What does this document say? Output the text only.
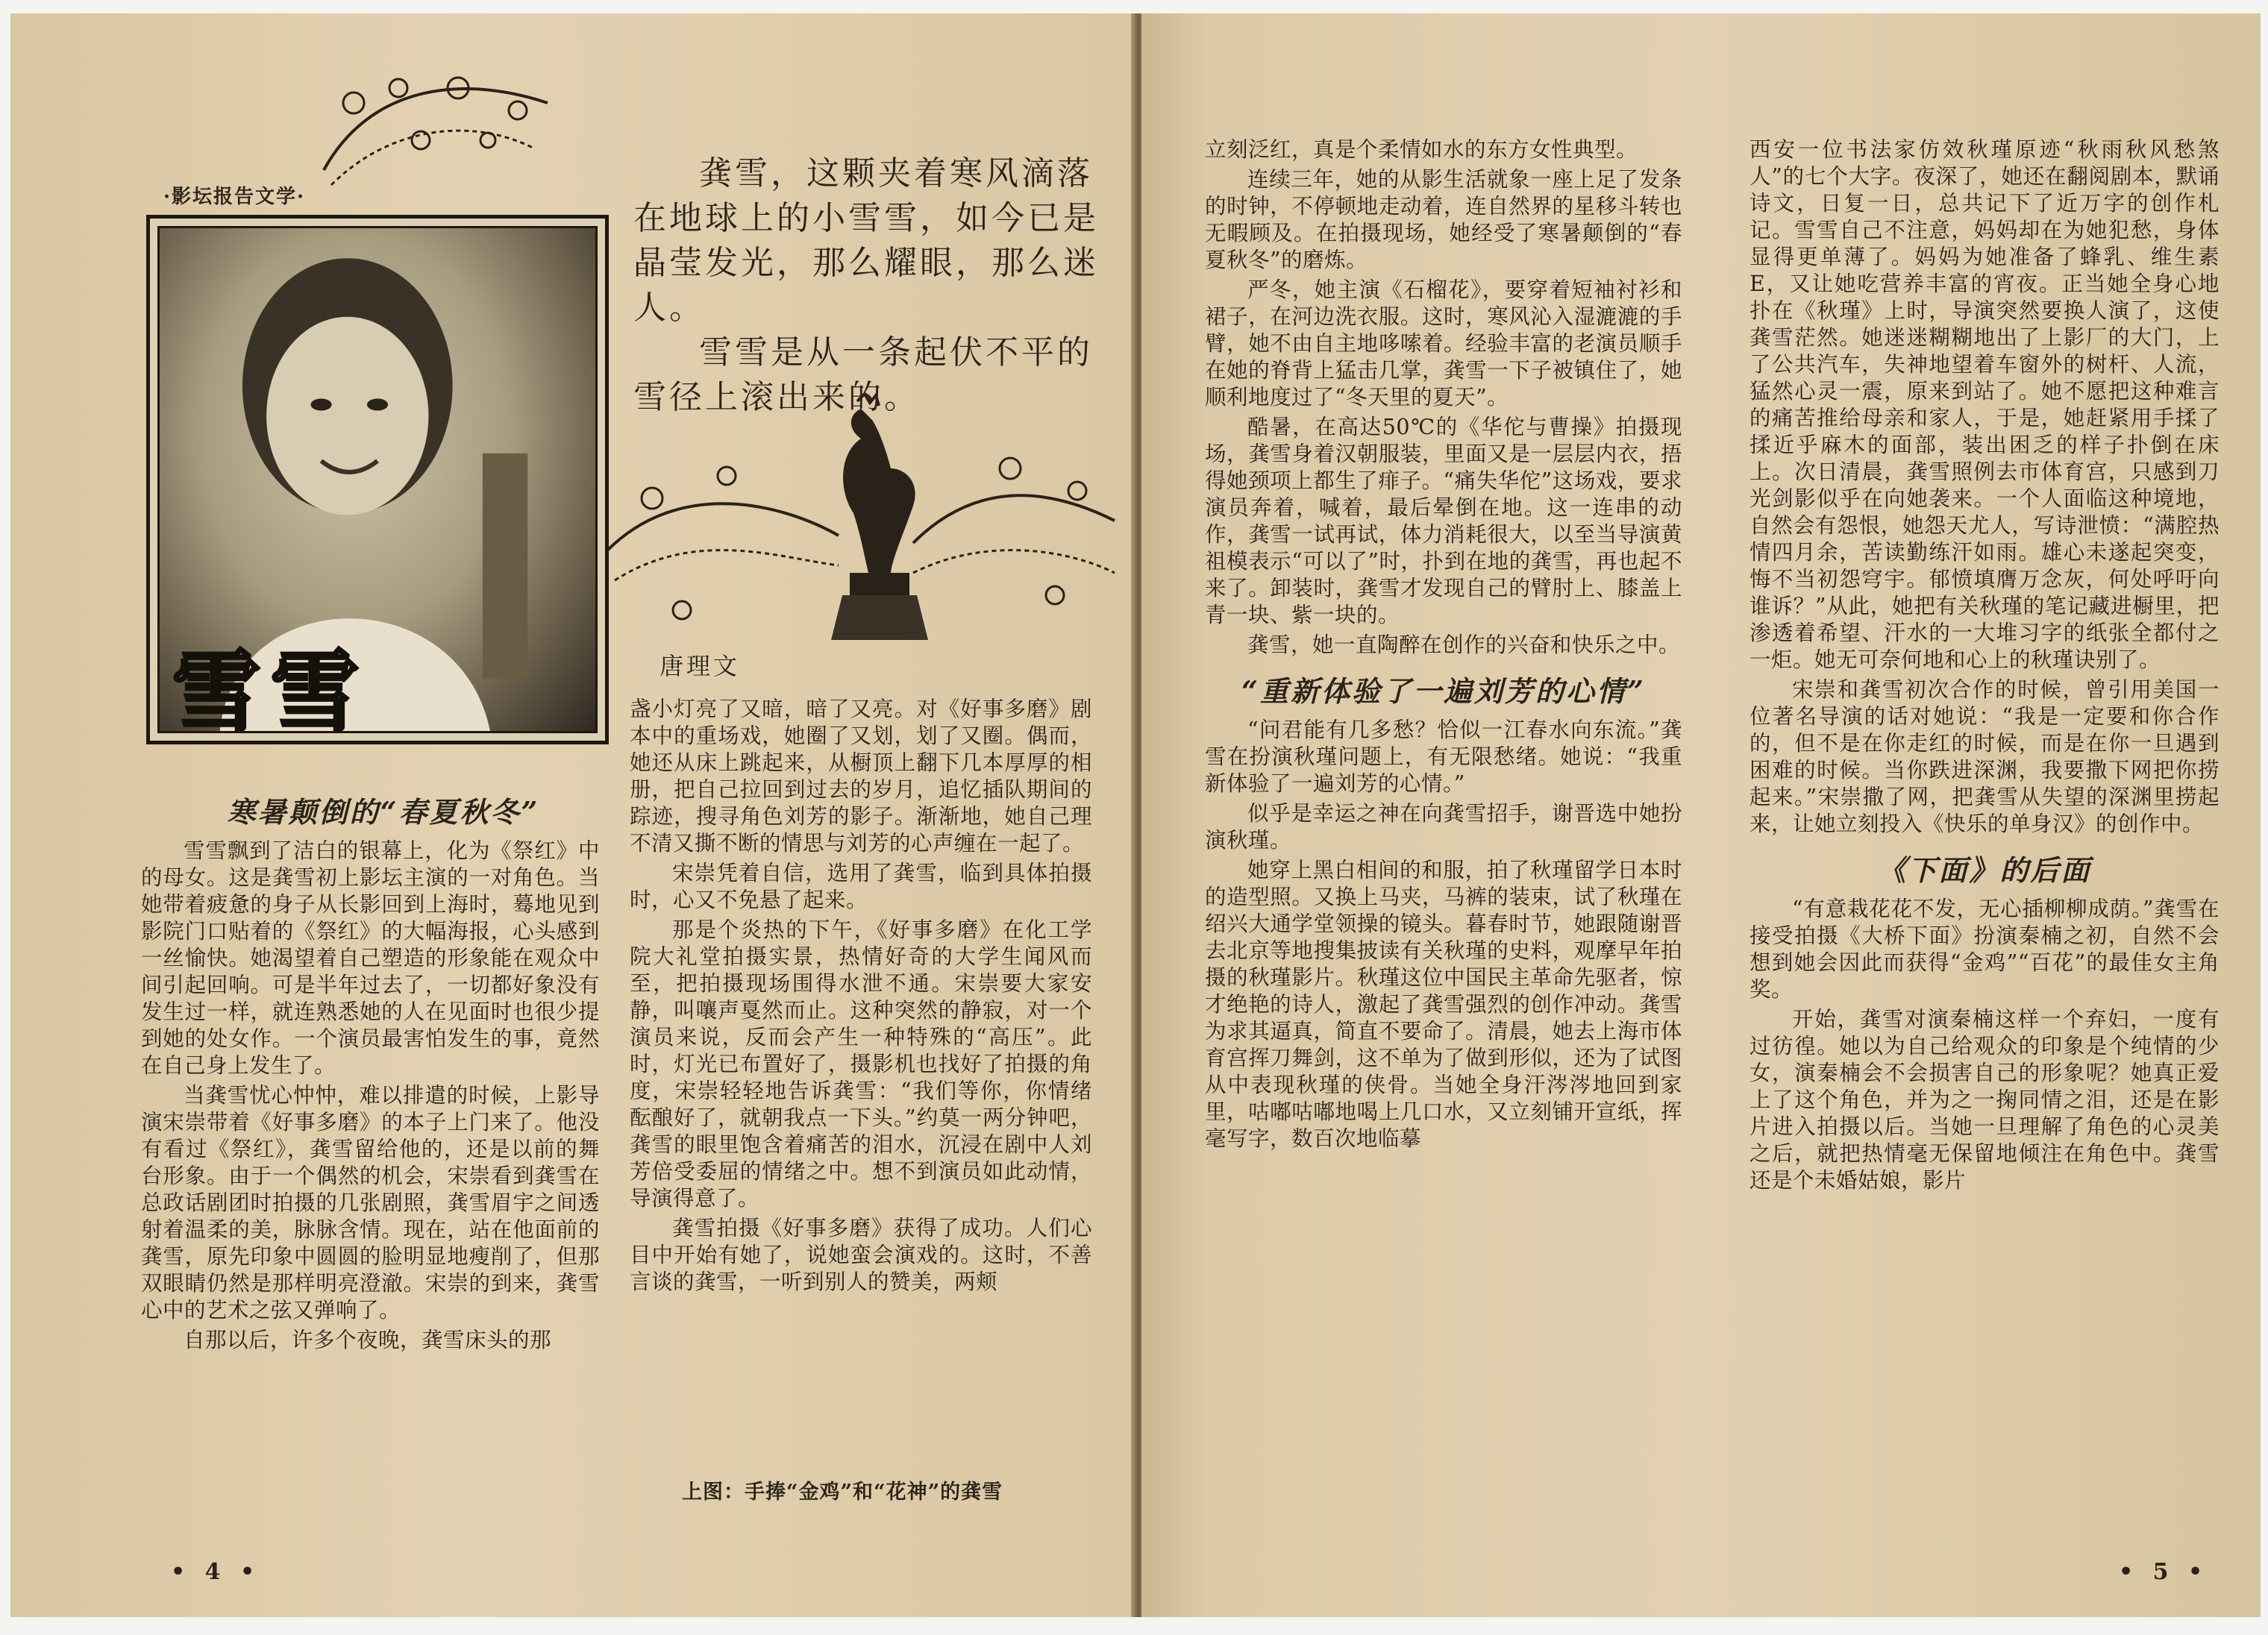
·影坛报告文学·
雪雪

龚雪，这颗夹着寒风滴落在地球上的小雪雪，如今已是晶莹发光，那么耀眼，那么迷人。

雪雪是从一条起伏不平的雪径上滚出来的。

唐理文
寒暑颠倒的“春夏秋冬”

雪雪飘到了洁白的银幕上，化为《祭红》中的母女。这是龚雪初上影坛主演的一对角色。当她带着疲惫的身子从长影回到上海时，蓦地见到影院门口贴着的《祭红》的大幅海报，心头感到一丝愉快。她渴望着自己塑造的形象能在观众中间引起回响。可是半年过去了，一切都好象没有发生过一样，就连熟悉她的人在见面时也很少提到她的处女作。一个演员最害怕发生的事，竟然在自己身上发生了。

当龚雪忧心忡忡，难以排遣的时候，上影导演宋崇带着《好事多磨》的本子上门来了。他没有看过《祭红》，龚雪留给他的，还是以前的舞台形象。由于一个偶然的机会，宋崇看到龚雪在总政话剧团时拍摄的几张剧照，龚雪眉宇之间透射着温柔的美，脉脉含情。现在，站在他面前的龚雪，原先印象中圆圆的脸明显地瘦削了，但那双眼睛仍然是那样明亮澄澈。宋崇的到来，龚雪心中的艺术之弦又弹响了。

自那以后，许多个夜晚，龚雪床头的那

盏小灯亮了又暗，暗了又亮。对《好事多磨》剧本中的重场戏，她圈了又划，划了又圈。偶而，她还从床上跳起来，从橱顶上翻下几本厚厚的相册，把自己拉回到过去的岁月，追忆插队期间的踪迹，搜寻角色刘芳的影子。渐渐地，她自己理不清又撕不断的情思与刘芳的心声缠在一起了。

宋崇凭着自信，选用了龚雪，临到具体拍摄时，心又不免悬了起来。

那是个炎热的下午，《好事多磨》在化工学院大礼堂拍摄实景，热情好奇的大学生闻风而至，把拍摄现场围得水泄不通。宋崇要大家安静，叫嚷声戛然而止。这种突然的静寂，对一个演员来说，反而会产生一种特殊的“高压”。此时，灯光已布置好了，摄影机也找好了拍摄的角度，宋崇轻轻地告诉龚雪：“我们等你，你情绪酝酿好了，就朝我点一下头。”约莫一两分钟吧，龚雪的眼里饱含着痛苦的泪水，沉浸在剧中人刘芳倍受委屈的情绪之中。想不到演员如此动情，导演得意了。

龚雪拍摄《好事多磨》获得了成功。人们心目中开始有她了，说她蛮会演戏的。这时，不善言谈的龚雪，一听到别人的赞美，两颊

上图：手捧“金鸡”和“花神”的龚雪
• 4 •

立刻泛红，真是个柔情如水的东方女性典型。

连续三年，她的从影生活就象一座上足了发条的时钟，不停顿地走动着，连自然界的星移斗转也无暇顾及。在拍摄现场，她经受了寒暑颠倒的“春夏秋冬”的磨炼。

严冬，她主演《石榴花》，要穿着短袖衬衫和裙子，在河边洗衣服。这时，寒风沁入湿漉漉的手臂，她不由自主地哆嗦着。经验丰富的老演员顺手在她的脊背上猛击几掌，龚雪一下子被镇住了，她顺利地度过了“冬天里的夏天”。

酷暑，在高达50℃的《华佗与曹操》拍摄现场，龚雪身着汉朝服装，里面又是一层层内衣，捂得她颈项上都生了痱子。“痛失华佗”这场戏，要求演员奔着，喊着，最后晕倒在地。这一连串的动作，龚雪一试再试，体力消耗很大，以至当导演黄祖模表示“可以了”时，扑到在地的龚雪，再也起不来了。卸装时，龚雪才发现自己的臂肘上、膝盖上青一块、紫一块的。

龚雪，她一直陶醉在创作的兴奋和快乐之中。

“重新体验了一遍刘芳的心情”

“问君能有几多愁？恰似一江春水向东流。”龚雪在扮演秋瑾问题上，有无限愁绪。她说：“我重新体验了一遍刘芳的心情。”

似乎是幸运之神在向龚雪招手，谢晋选中她扮演秋瑾。

她穿上黑白相间的和服，拍了秋瑾留学日本时的造型照。又换上马夹，马裤的装束，试了秋瑾在绍兴大通学堂领操的镜头。暮春时节，她跟随谢晋去北京等地搜集披读有关秋瑾的史料，观摩早年拍摄的秋瑾影片。秋瑾这位中国民主革命先驱者，惊才绝艳的诗人，激起了龚雪强烈的创作冲动。龚雪为求其逼真，简直不要命了。清晨，她去上海市体育宫挥刀舞剑，这不单为了做到形似，还为了试图从中表现秋瑾的侠骨。当她全身汗涔涔地回到家里，咕嘟咕嘟地喝上几口水，又立刻铺开宣纸，挥毫写字，数百次地临摹

西安一位书法家仿效秋瑾原迹“秋雨秋风愁煞人”的七个大字。夜深了，她还在翻阅剧本，默诵诗文，日复一日，总共记下了近万字的创作札记。雪雪自己不注意，妈妈却在为她犯愁，身体显得更单薄了。妈妈为她准备了蜂乳、维生素E，又让她吃营养丰富的宵夜。正当她全身心地扑在《秋瑾》上时，导演突然要换人演了，这使龚雪茫然。她迷迷糊糊地出了上影厂的大门，上了公共汽车，失神地望着车窗外的树杆、人流，猛然心灵一震，原来到站了。她不愿把这种难言的痛苦推给母亲和家人，于是，她赶紧用手揉了揉近乎麻木的面部，装出困乏的样子扑倒在床上。次日清晨，龚雪照例去市体育宫，只感到刀光剑影似乎在向她袭来。一个人面临这种境地，自然会有怨恨，她怨天尤人，写诗泄愤：“满腔热情四月余，苦读勤练汗如雨。雄心未遂起突变，悔不当初怨穹宇。郁愤填膺万念灰，何处呼吁向谁诉？”从此，她把有关秋瑾的笔记藏进橱里，把渗透着希望、汗水的一大堆习字的纸张全都付之一炬。她无可奈何地和心上的秋瑾诀别了。

宋崇和龚雪初次合作的时候，曾引用美国一位著名导演的话对她说：“我是一定要和你合作的，但不是在你走红的时候，而是在你一旦遇到困难的时候。当你跌进深渊，我要撒下网把你捞起来。”宋崇撒了网，把龚雪从失望的深渊里捞起来，让她立刻投入《快乐的单身汉》的创作中。

《下面》的后面

“有意栽花花不发，无心插柳柳成荫。”龚雪在接受拍摄《大桥下面》扮演秦楠之初，自然不会想到她会因此而获得“金鸡”“百花”的最佳女主角奖。

开始，龚雪对演秦楠这样一个弃妇，一度有过彷徨。她以为自己给观众的印象是个纯情的少女，演秦楠会不会损害自己的形象呢？她真正爱上了这个角色，并为之一掬同情之泪，还是在影片进入拍摄以后。当她一旦理解了角色的心灵美之后，就把热情毫无保留地倾注在角色中。龚雪还是个未婚姑娘，影片

• 5 •
